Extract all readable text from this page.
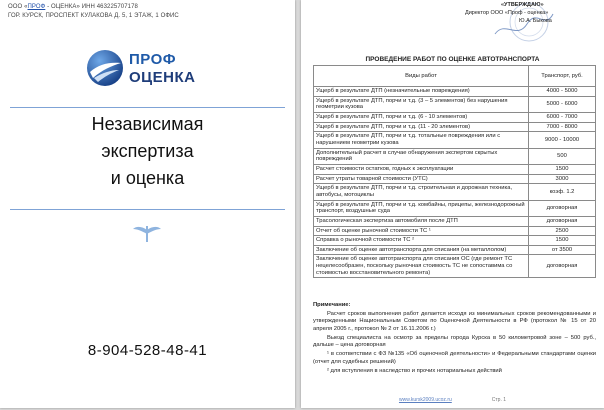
ООО «ПРОФ - ОЦЕНКА» ИНН 463225707178
ГОР. КУРСК, ПРОСПЕКТ КУЛАКОВА Д. 5, 1 ЭТАЖ, 1 ОФИС
ПРОФ
ОЦЕНКА
Независимая
экспертиза
и оценка
8-904-528-48-41
«УТВЕРЖДАЮ»
Директор ООО «Проф - оценка»
Ю.А. Быкова
ПРОВЕДЕНИЕ РАБОТ ПО ОЦЕНКЕ АВТОТРАНСПОРТА
Виды работ	Транспорт, руб.
Ущерб в результате ДТП (незначительные повреждения)	4000 - 5000
Ущерб в результате ДТП, порчи и т.д. (3 – 5 элементов) без нарушения геометрии кузова	5000 - 6000
Ущерб в результате ДТП, порчи и т.д. (6 - 10 элементов)	6000 - 7000
Ущерб в результате ДТП, порчи и т.д. (11 - 20 элементов)	7000 - 8000
Ущерб в результате ДТП, порчи и т.д. тотальные повреждения или с нарушением геометрии кузова	9000 - 10000
Дополнительный расчет в случае обнаружения экспертом скрытых повреждений	500
Расчет стоимости остатков, годных к эксплуатации	1500
Расчет утраты товарной стоимости (УТС)	3000
Ущерб в результате ДТП, порчи и т.д. строительная и дорожная техника, автобусы, мотоциклы	коэф. 1.2
Ущерб в результате ДТП, порчи и т.д. комбайны, прицепы, железнодорожный транспорт, воздушные суда	договорная
Трасологическая экспертиза автомобиля после ДТП	договорная
Отчет об оценке рыночной стоимости ТС ¹	2500
Справка о рыночной стоимости ТС ²	1500
Заключение об оценке автотранспорта для списания (на металлолом)	от 3500
Заключение об оценке автотранспорта для списания ОС (где ремонт ТС нецелесообразен, поскольку рыночная стоимость ТС не сопоставима со стоимостью восстановительного ремонта)	договорная
Примечание:

Расчет сроков выполнения работ делается исходя из минимальных сроков рекомендованными и утвержденными Национальным Советом по Оценочной Деятельности в РФ (протокол № 15 от 20 апреля 2005 г., протокол № 2 от 16.11.2006 г.)

Выезд специалиста на осмотр за пределы города Курска в 50 километровой зоне – 500 руб., дальше – цена договорная

¹ в соответствии с ФЗ №135 «Об оценочной деятельности» и Федеральными стандартами оценки (отчет для судебных решений)

² для вступления в наследство и прочих нотариальных действий

www.kursk2009.ucoz.ru	Стр. 1
